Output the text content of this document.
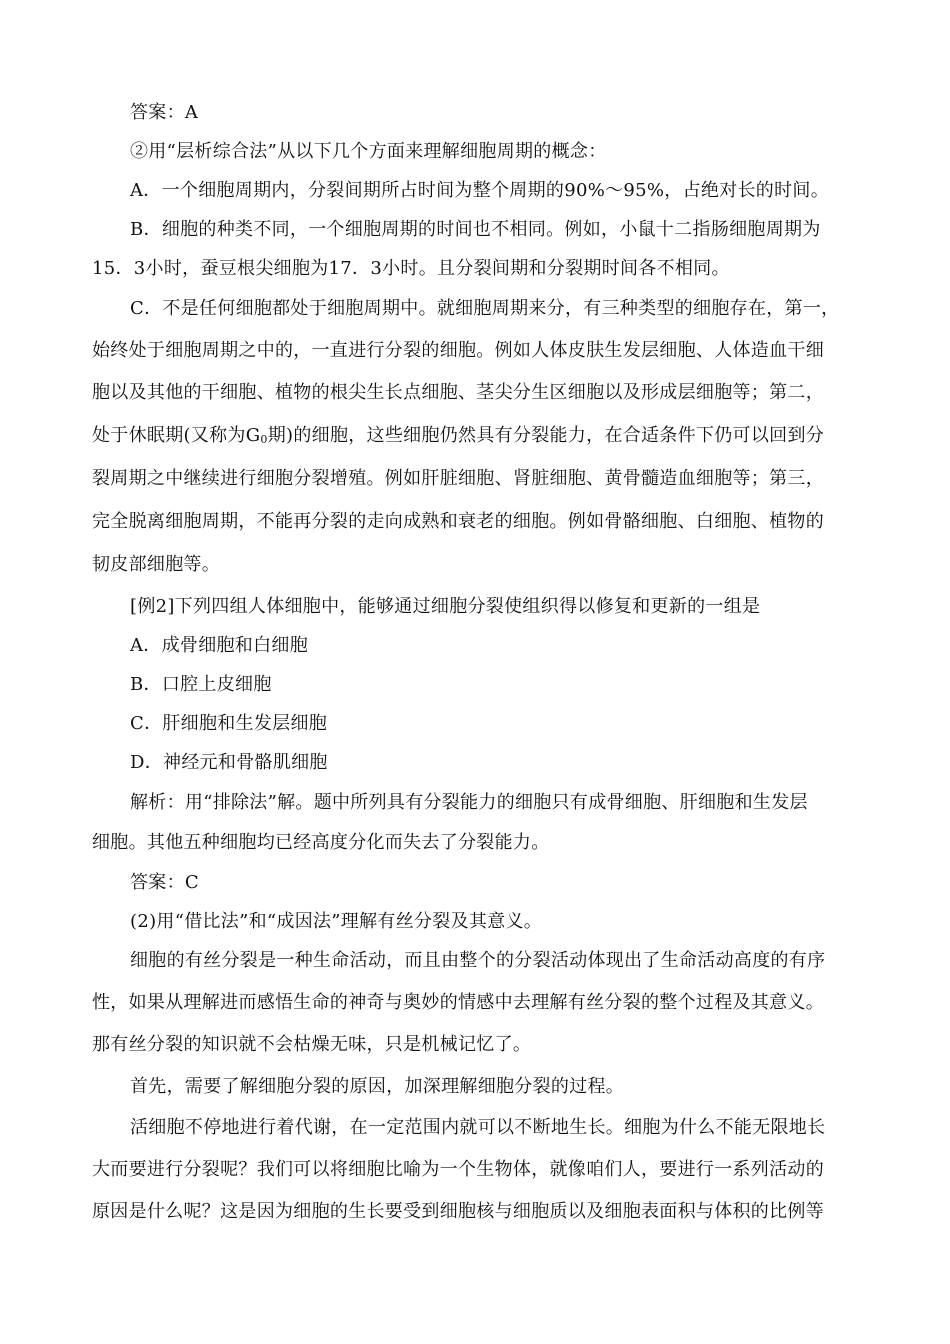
答案：A
②用“层析综合法”从以下几个方面来理解细胞周期的概念：
A．一个细胞周期内，分裂间期所占时间为整个周期的90%～95%，占绝对长的时间。
B．细胞的种类不同，一个细胞周期的时间也不相同。例如，小鼠十二指肠细胞周期为
15．3小时，蚕豆根尖细胞为17．3小时。且分裂间期和分裂期时间各不相同。
C．不是任何细胞都处于细胞周期中。就细胞周期来分，有三种类型的细胞存在，第一，
始终处于细胞周期之中的，一直进行分裂的细胞。例如人体皮肤生发层细胞、人体造血干细
胞以及其他的干细胞、植物的根尖生长点细胞、茎尖分生区细胞以及形成层细胞等；第二，
处于休眠期(又称为$G_0$期)的细胞，这些细胞仍然具有分裂能力，在合适条件下仍可以回到分
裂周期之中继续进行细胞分裂增殖。例如肝脏细胞、肾脏细胞、黄骨髓造血细胞等；第三，
完全脱离细胞周期，不能再分裂的走向成熟和衰老的细胞。例如骨骼细胞、白细胞、植物的
韧皮部细胞等。
[例2]下列四组人体细胞中，能够通过细胞分裂使组织得以修复和更新的一组是
A．成骨细胞和白细胞
B．口腔上皮细胞
C．肝细胞和生发层细胞
D．神经元和骨骼肌细胞
解析：用“排除法”解。题中所列具有分裂能力的细胞只有成骨细胞、肝细胞和生发层
细胞。其他五种细胞均已经高度分化而失去了分裂能力。
答案：C
(2)用“借比法”和“成因法”理解有丝分裂及其意义。
细胞的有丝分裂是一种生命活动，而且由整个的分裂活动体现出了生命活动高度的有序
性，如果从理解进而感悟生命的神奇与奥妙的情感中去理解有丝分裂的整个过程及其意义。
那有丝分裂的知识就不会枯燥无味，只是机械记忆了。
首先，需要了解细胞分裂的原因，加深理解细胞分裂的过程。
活细胞不停地进行着代谢，在一定范围内就可以不断地生长。细胞为什么不能无限地长
大而要进行分裂呢？我们可以将细胞比喻为一个生物体，就像咱们人，要进行一系列活动的
原因是什么呢？这是因为细胞的生长要受到细胞核与细胞质以及细胞表面积与体积的比例等
